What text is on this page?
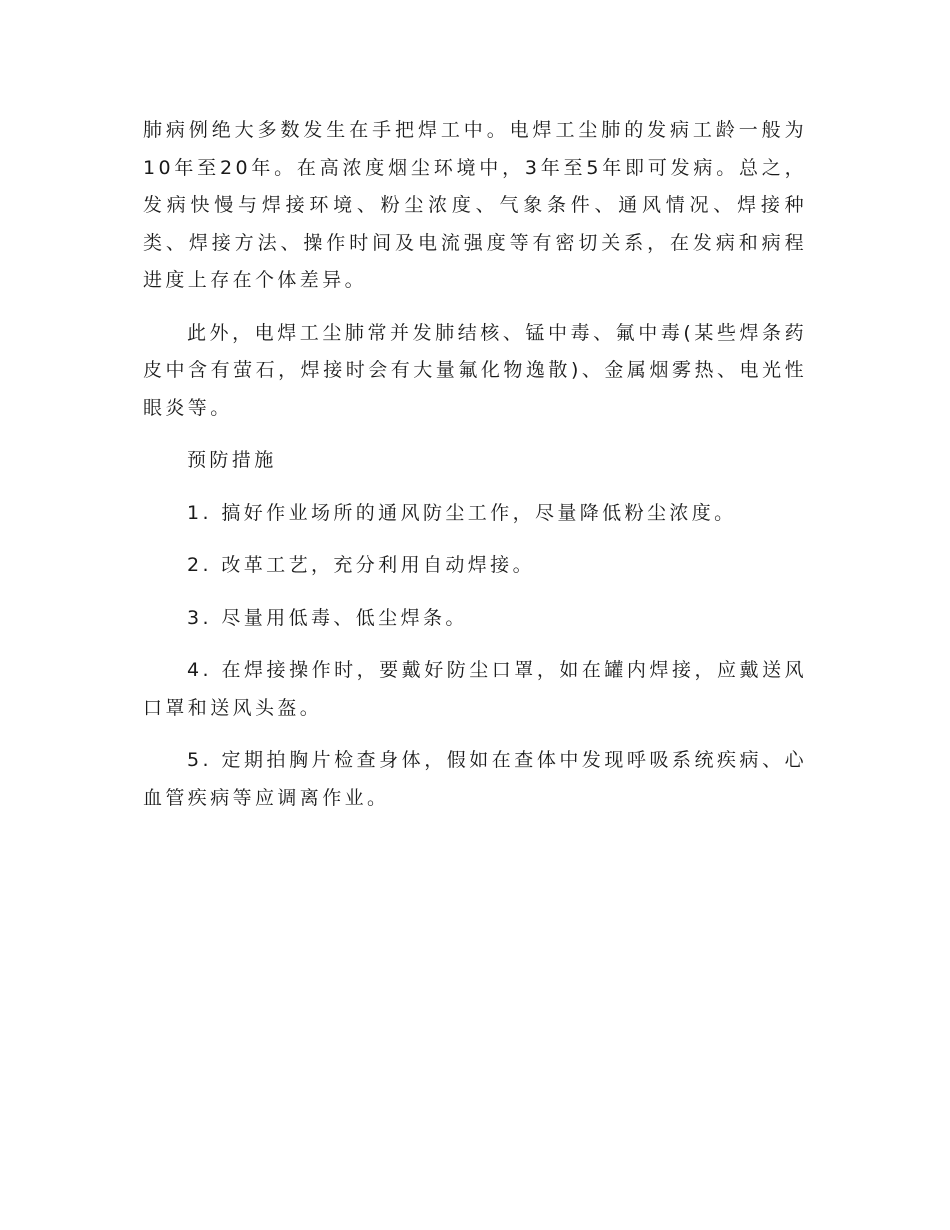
肺病例绝大多数发生在手把焊工中。电焊工尘肺的发病工龄一般为10年至20年。在高浓度烟尘环境中，3年至5年即可发病。总之，发病快慢与焊接环境、粉尘浓度、气象条件、通风情况、焊接种类、焊接方法、操作时间及电流强度等有密切关系，在发病和病程进度上存在个体差异。

此外，电焊工尘肺常并发肺结核、锰中毒、氟中毒(某些焊条药皮中含有萤石，焊接时会有大量氟化物逸散)、金属烟雾热、电光性眼炎等。

预防措施

1. 搞好作业场所的通风防尘工作，尽量降低粉尘浓度。

2. 改革工艺，充分利用自动焊接。

3. 尽量用低毒、低尘焊条。

4. 在焊接操作时，要戴好防尘口罩，如在罐内焊接，应戴送风口罩和送风头盔。

5. 定期拍胸片检查身体，假如在查体中发现呼吸系统疾病、心血管疾病等应调离作业。
